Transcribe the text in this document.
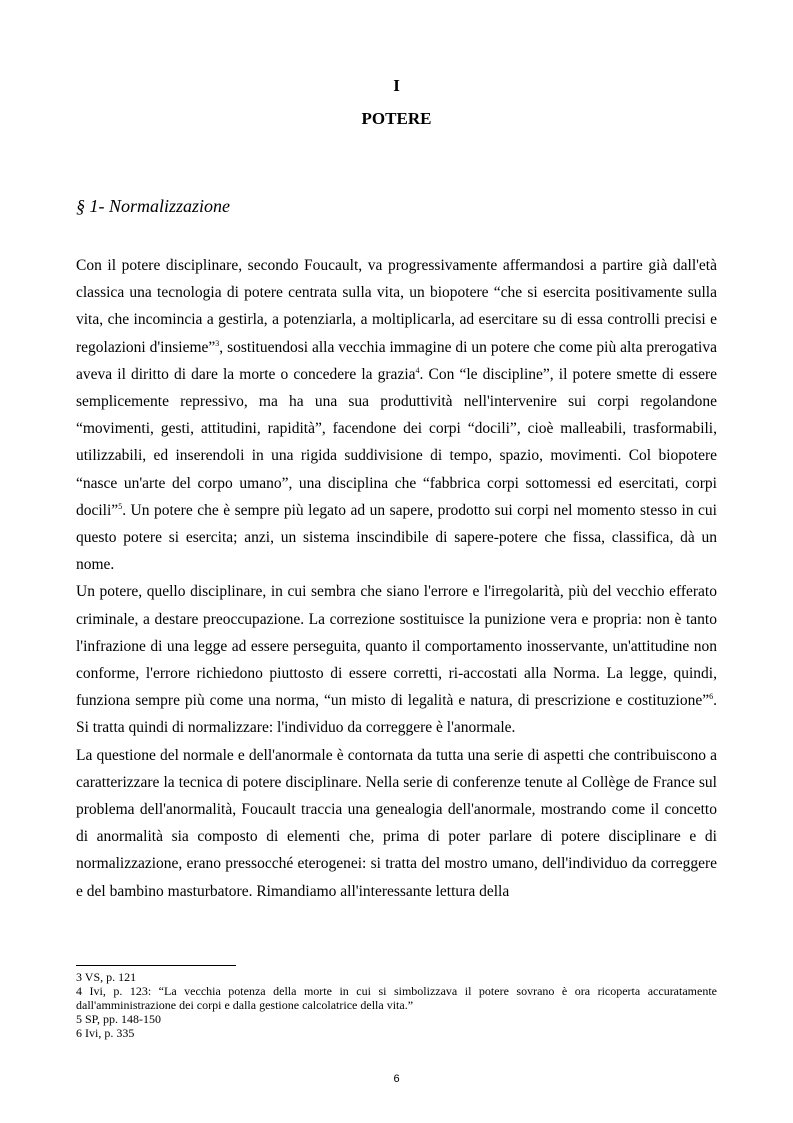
I
POTERE
§ 1- Normalizzazione

Con il potere disciplinare, secondo Foucault, va progressivamente affermandosi a partire già dall'età classica una tecnologia di potere centrata sulla vita, un biopotere “che si esercita positivamente sulla vita, che incomincia a gestirla, a potenziarla, a moltiplicarla, ad esercitare su di essa controlli precisi e regolazioni d'insieme”$^3$, sostituendosi alla vecchia immagine di un potere che come più alta prerogativa aveva il diritto di dare la morte o concedere la grazia$^4$. Con “le discipline”, il potere smette di essere semplicemente repressivo, ma ha una sua produttività nell'intervenire sui corpi regolandone “movimenti, gesti, attitudini, rapidità”, facendone dei corpi “docili”, cioè malleabili, trasformabili, utilizzabili, ed inserendoli in una rigida suddivisione di tempo, spazio, movimenti. Col biopotere “nasce un'arte del corpo umano”, una disciplina che “fabbrica corpi sottomessi ed esercitati, corpi docili”$^5$. Un potere che è sempre più legato ad un sapere, prodotto sui corpi nel momento stesso in cui questo potere si esercita; anzi, un sistema inscindibile di sapere-potere che fissa, classifica, dà un nome.

Un potere, quello disciplinare, in cui sembra che siano l'errore e l'irregolarità, più del vecchio efferato criminale, a destare preoccupazione. La correzione sostituisce la punizione vera e propria: non è tanto l'infrazione di una legge ad essere perseguita, quanto il comportamento inosservante, un'attitudine non conforme, l'errore richiedono piuttosto di essere corretti, ri-accostati alla Norma. La legge, quindi, funziona sempre più come una norma, “un misto di legalità e natura, di prescrizione e costituzione”$^6$. Si tratta quindi di normalizzare: l'individuo da correggere è l'anormale.

La questione del normale e dell'anormale è contornata da tutta una serie di aspetti che contribuiscono a caratterizzare la tecnica di potere disciplinare. Nella serie di conferenze tenute al Collège de France sul problema dell'anormalità, Foucault traccia una genealogia dell'anormale, mostrando come il concetto di anormalità sia composto di elementi che, prima di poter parlare di potere disciplinare e di normalizzazione, erano pressocché eterogenei: si tratta del mostro umano, dell'individuo da correggere e del bambino masturbatore. Rimandiamo all'interessante lettura della

3 VS, p. 121
4 Ivi, p. 123: “La vecchia potenza della morte in cui si simbolizzava il potere sovrano è ora ricoperta accuratamente dall'amministrazione dei corpi e dalla gestione calcolatrice della vita.”
5 SP, pp. 148-150
6 Ivi, p. 335
6
